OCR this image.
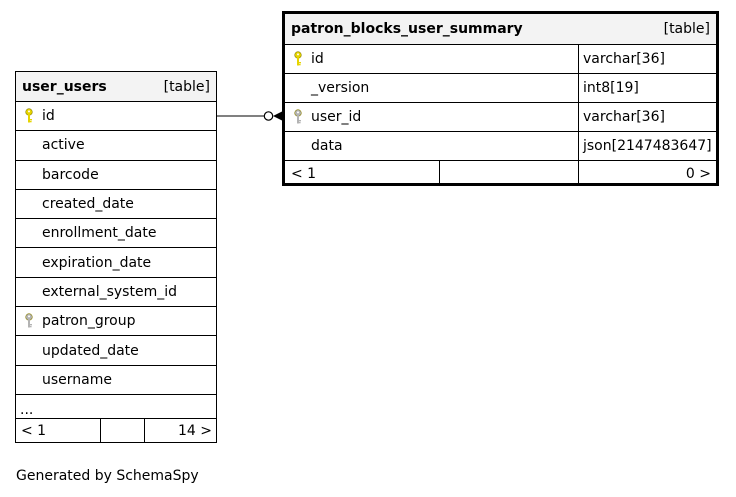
patron_blocks_user_summary	[table]
id	varchar[36]
_version	int8[19]
user_id	varchar[36]
data	json[2147483647]
< 1	0 >
user_users	[table]
id
active
barcode
created_date
enrollment_date
expiration_date
external_system_id
patron_group
updated_date
username
...
< 1	14 >
Generated by SchemaSpy
